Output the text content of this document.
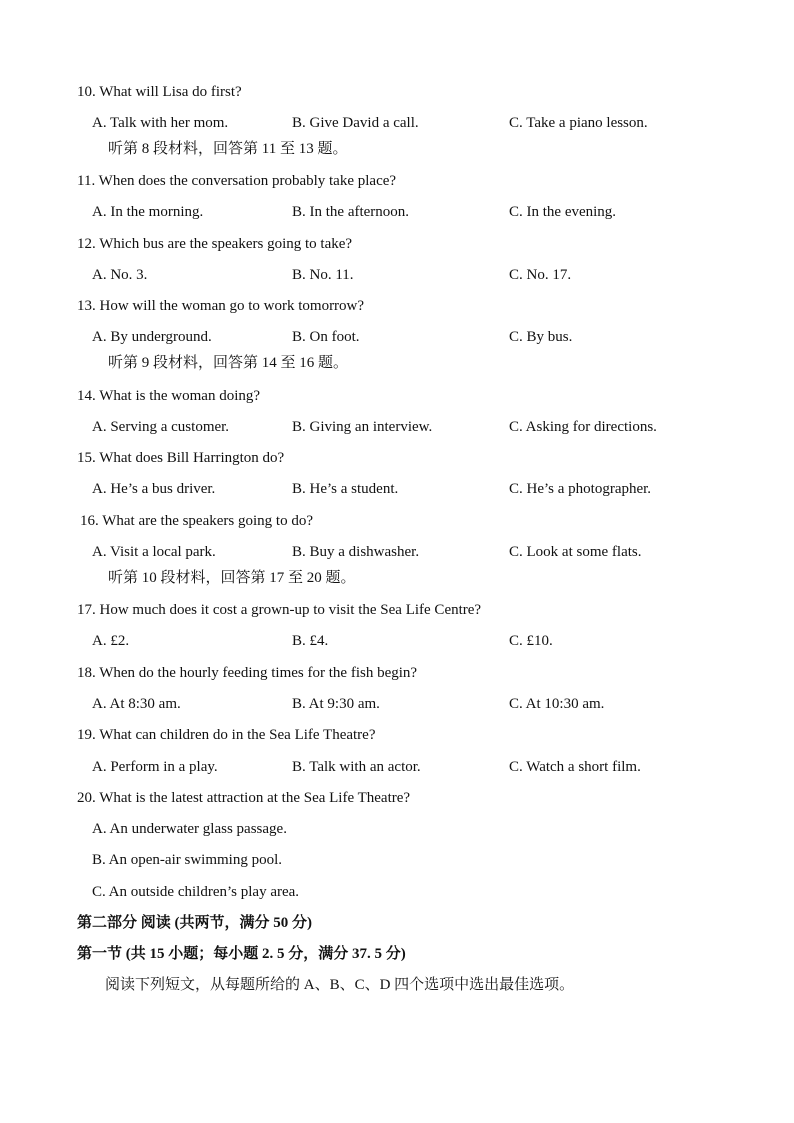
10. What will Lisa do first?
A. Talk with her mom.	B. Give David a call.	C. Take a piano lesson.
听第 8 段材料，回答第 11 至 13 题。
11. When does the conversation probably take place?
A. In the morning.	B. In the afternoon.	C. In the evening.
12. Which bus are the speakers going to take?
A. No. 3.	B. No. 11.	C. No. 17.
13. How will the woman go to work tomorrow?
A. By underground.	B. On foot.	C. By bus.
听第 9 段材料，回答第 14 至 16 题。
14. What is the woman doing?
A. Serving a customer.	B. Giving an interview.	C. Asking for directions.
15. What does Bill Harrington do?
A. He’s a bus driver.	B. He’s a student.	C. He’s a photographer.
16. What are the speakers going to do?
A. Visit a local park.	B. Buy a dishwasher.	C. Look at some flats.
听第 10 段材料，回答第 17 至 20 题。
17. How much does it cost a grown-up to visit the Sea Life Centre?
A. £2.	B. £4.	C. £10.
18. When do the hourly feeding times for the fish begin?
A. At 8:30 am.	B. At 9:30 am.	C. At 10:30 am.
19. What can children do in the Sea Life Theatre?
A. Perform in a play.	B. Talk with an actor.	C. Watch a short film.
20. What is the latest attraction at the Sea Life Theatre?
A. An underwater glass passage.
B. An open-air swimming pool.
C. An outside children’s play area.
第二部分 阅读 (共两节，满分 50 分)
第一节 (共 15 小题；每小题 2. 5 分，满分 37. 5 分)
阅读下列短文，从每题所给的 A、B、C、D 四个选项中选出最佳选项。
